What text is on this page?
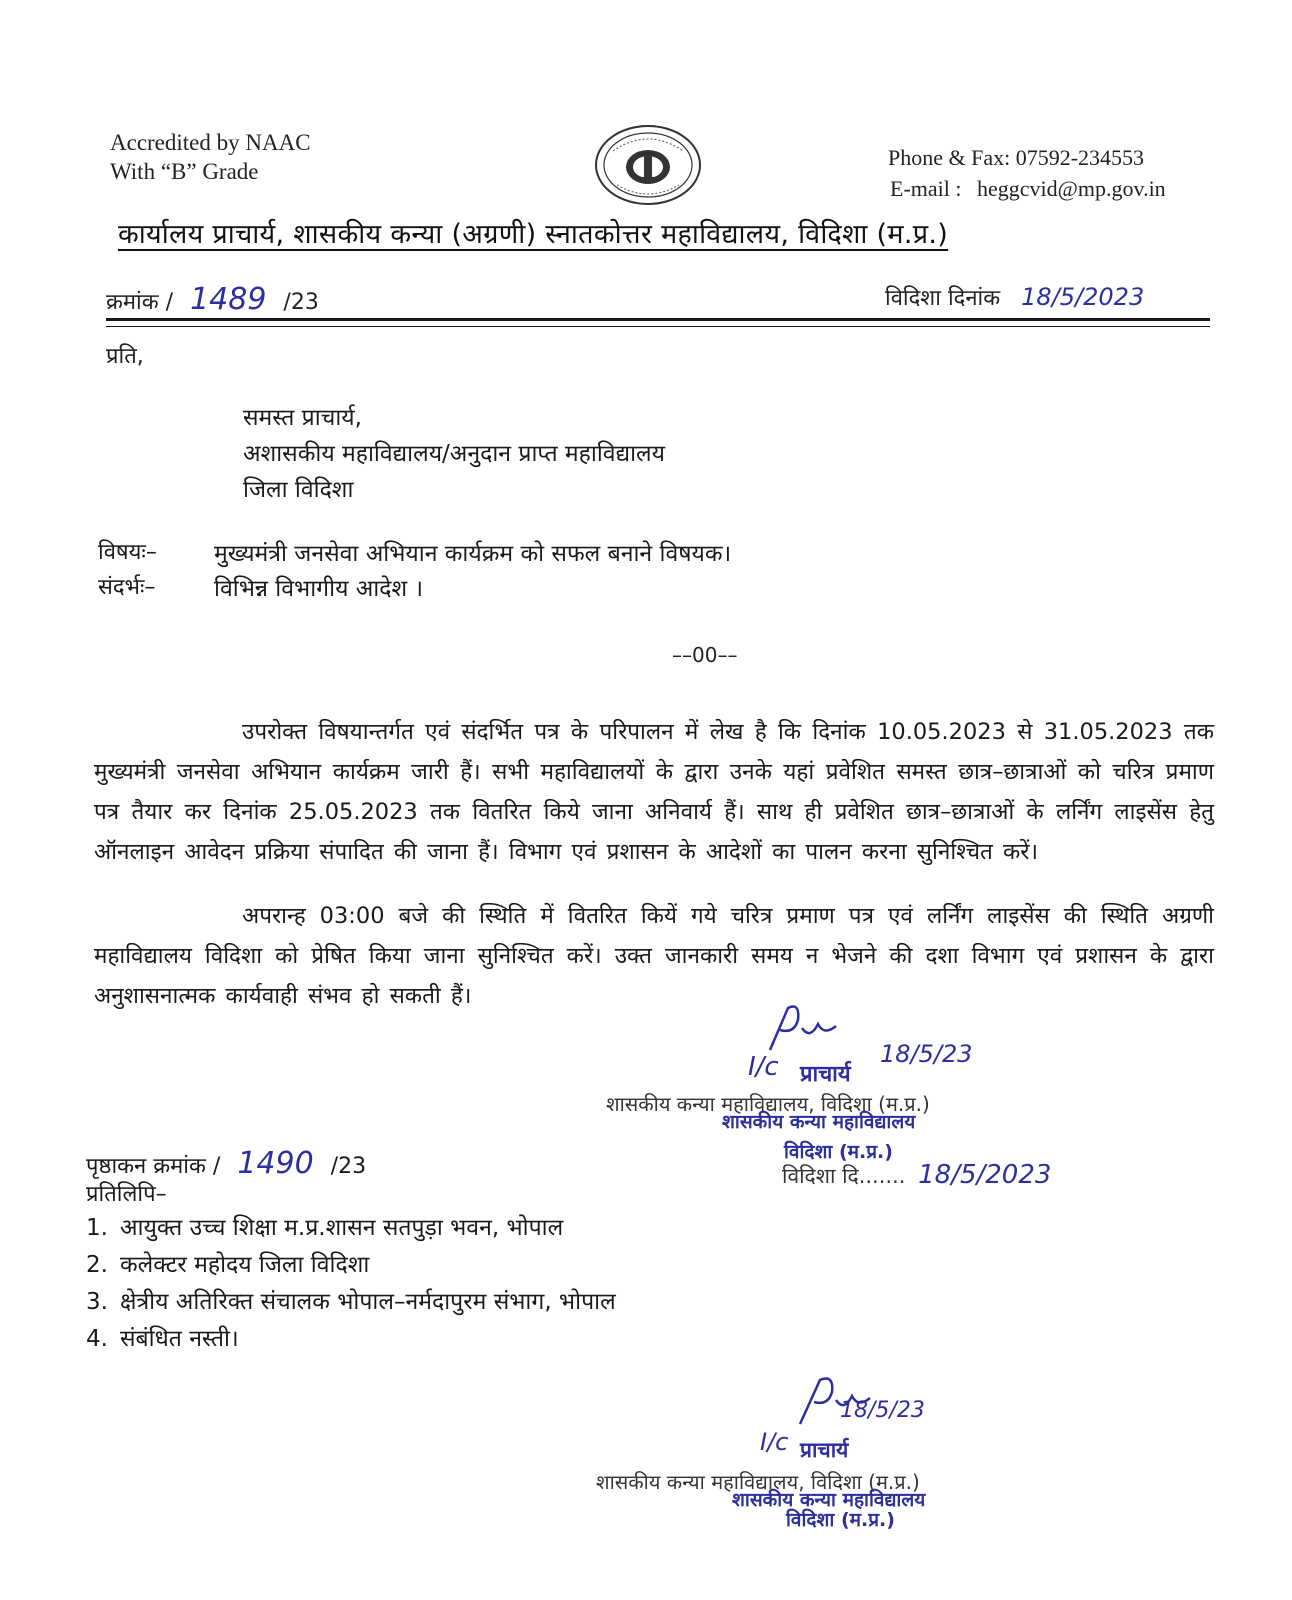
Accredited by NAAC
With “B” Grade
Phone & Fax: 07592-234553
E-mail : heggcvid@mp.gov.in
कार्यालय प्राचार्य, शासकीय कन्या (अग्रणी) स्नातकोत्तर महाविद्यालय, विदिशा (म.प्र.)
क्रमांक / 1489 /23	विदिशा दिनांक 18/5/2023
प्रति,
समस्त प्राचार्य,
अशासकीय महाविद्यालय/अनुदान प्राप्त महाविद्यालय
जिला विदिशा
विषयः– मुख्यमंत्री जनसेवा अभियान कार्यक्रम को सफल बनाने विषयक।
संदर्भः–	विभिन्न विभागीय आदेश ।
––00––
उपरोक्त विषयान्तर्गत एवं संदर्भित पत्र के परिपालन में लेख है कि दिनांक 10.05.2023 से 31.05.2023 तक मुख्यमंत्री जनसेवा अभियान कार्यक्रम जारी हैं। सभी महाविद्यालयों के द्वारा उनके यहां प्रवेशित समस्त छात्र–छात्राओं को चरित्र प्रमाण पत्र तैयार कर दिनांक 25.05.2023 तक वितरित किये जाना अनिवार्य हैं। साथ ही प्रवेशित छात्र–छात्राओं के लर्निंग लाइसेंस हेतु ऑनलाइन आवेदन प्रक्रिया संपादित की जाना हैं। विभाग एवं प्रशासन के आदेशों का पालन करना सुनिश्चित करें।
अपरान्ह 03:00 बजे की स्थिति में वितरित कियें गये चरित्र प्रमाण पत्र एवं लर्निंग लाइसेंस की स्थिति अग्रणी महाविद्यालय विदिशा को प्रेषित किया जाना सुनिश्चित करें। उक्त जानकारी समय न भेजने की दशा विभाग एवं प्रशासन के द्वारा अनुशासनात्मक कार्यवाही संभव हो सकती हैं।
I/c प्राचार्य
18/5/23
शासकीय कन्या महाविद्यालय, विदिशा (म.प्र.)
शासकीय कन्या महाविद्यालय
विदिशा (म.प्र.)
पृष्ठाकन क्रमांक / 1490 /23	विदिशा दि....... 18/5/2023
प्रतिलिपि–
1. आयुक्त उच्च शिक्षा म.प्र.शासन सतपुड़ा भवन, भोपाल
2. कलेक्टर महोदय जिला विदिशा
3. क्षेत्रीय अतिरिक्त संचालक भोपाल–नर्मदापुरम संभाग, भोपाल
4. संबंधित नस्ती।
I/c
18/5/23
प्राचार्य
शासकीय कन्या महाविद्यालय, विदिशा (म.प्र.)
शासकीय कन्या महाविद्यालय
विदिशा (म.प्र.)
